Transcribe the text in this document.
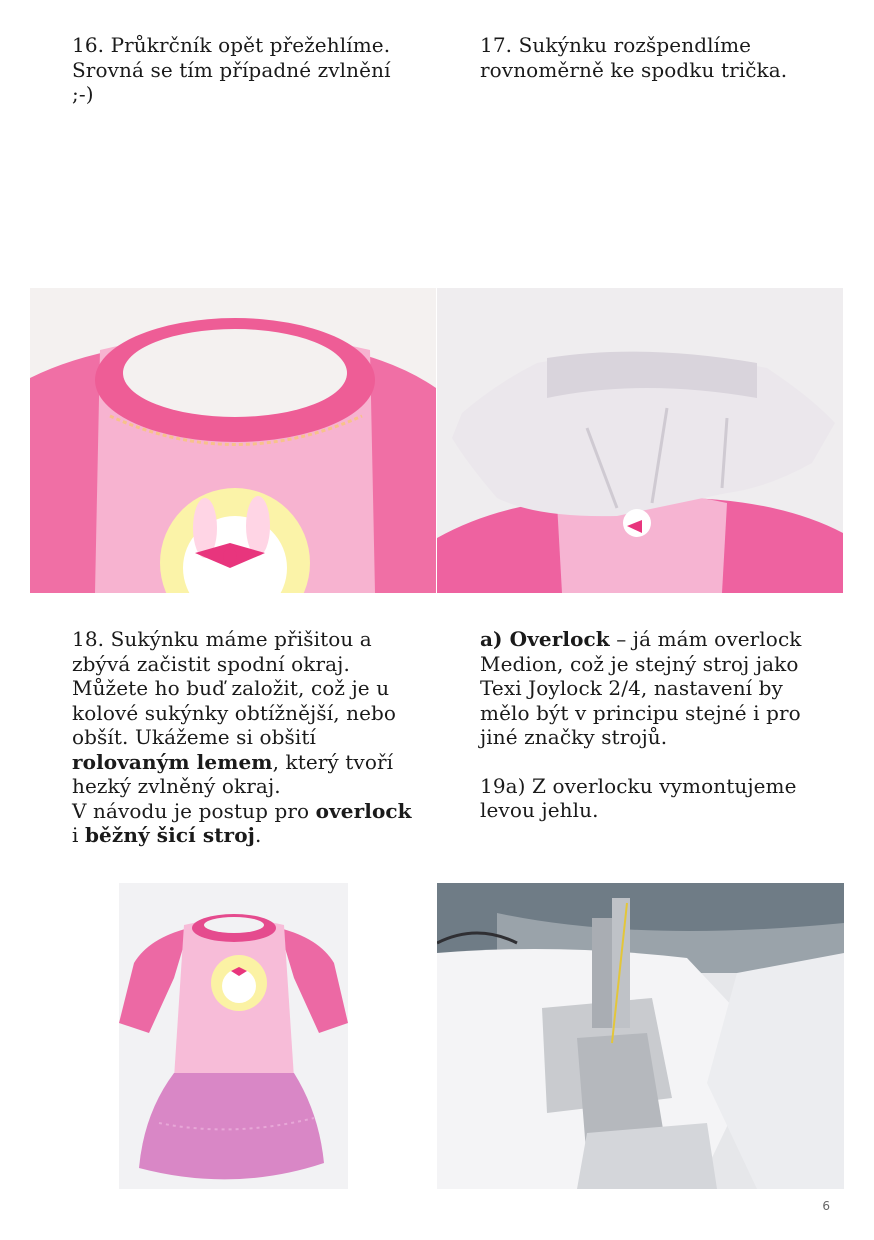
16. Průkrčník opět přežehlíme. Srovná se tím případné zvlnění ;-)

17. Sukýnku rozšpendlíme rovnoměrně ke spodku trička.

18. Sukýnku máme přišitou a zbývá začistit spodní okraj. Můžete ho buď založit, což je u kolové sukýnky obtížnější, nebo obšít. Ukážeme si obšití rolovaným lemem, který tvoří hezký zvlněný okraj.

V návodu je postup pro overlock i běžný šicí stroj.

a) Overlock – já mám overlock Medion, což je stejný stroj jako Texi Joylock 2/4, nastavení by mělo být v principu stejné i pro jiné značky strojů.

19a) Z overlocku vymontujeme levou jehlu.

6
